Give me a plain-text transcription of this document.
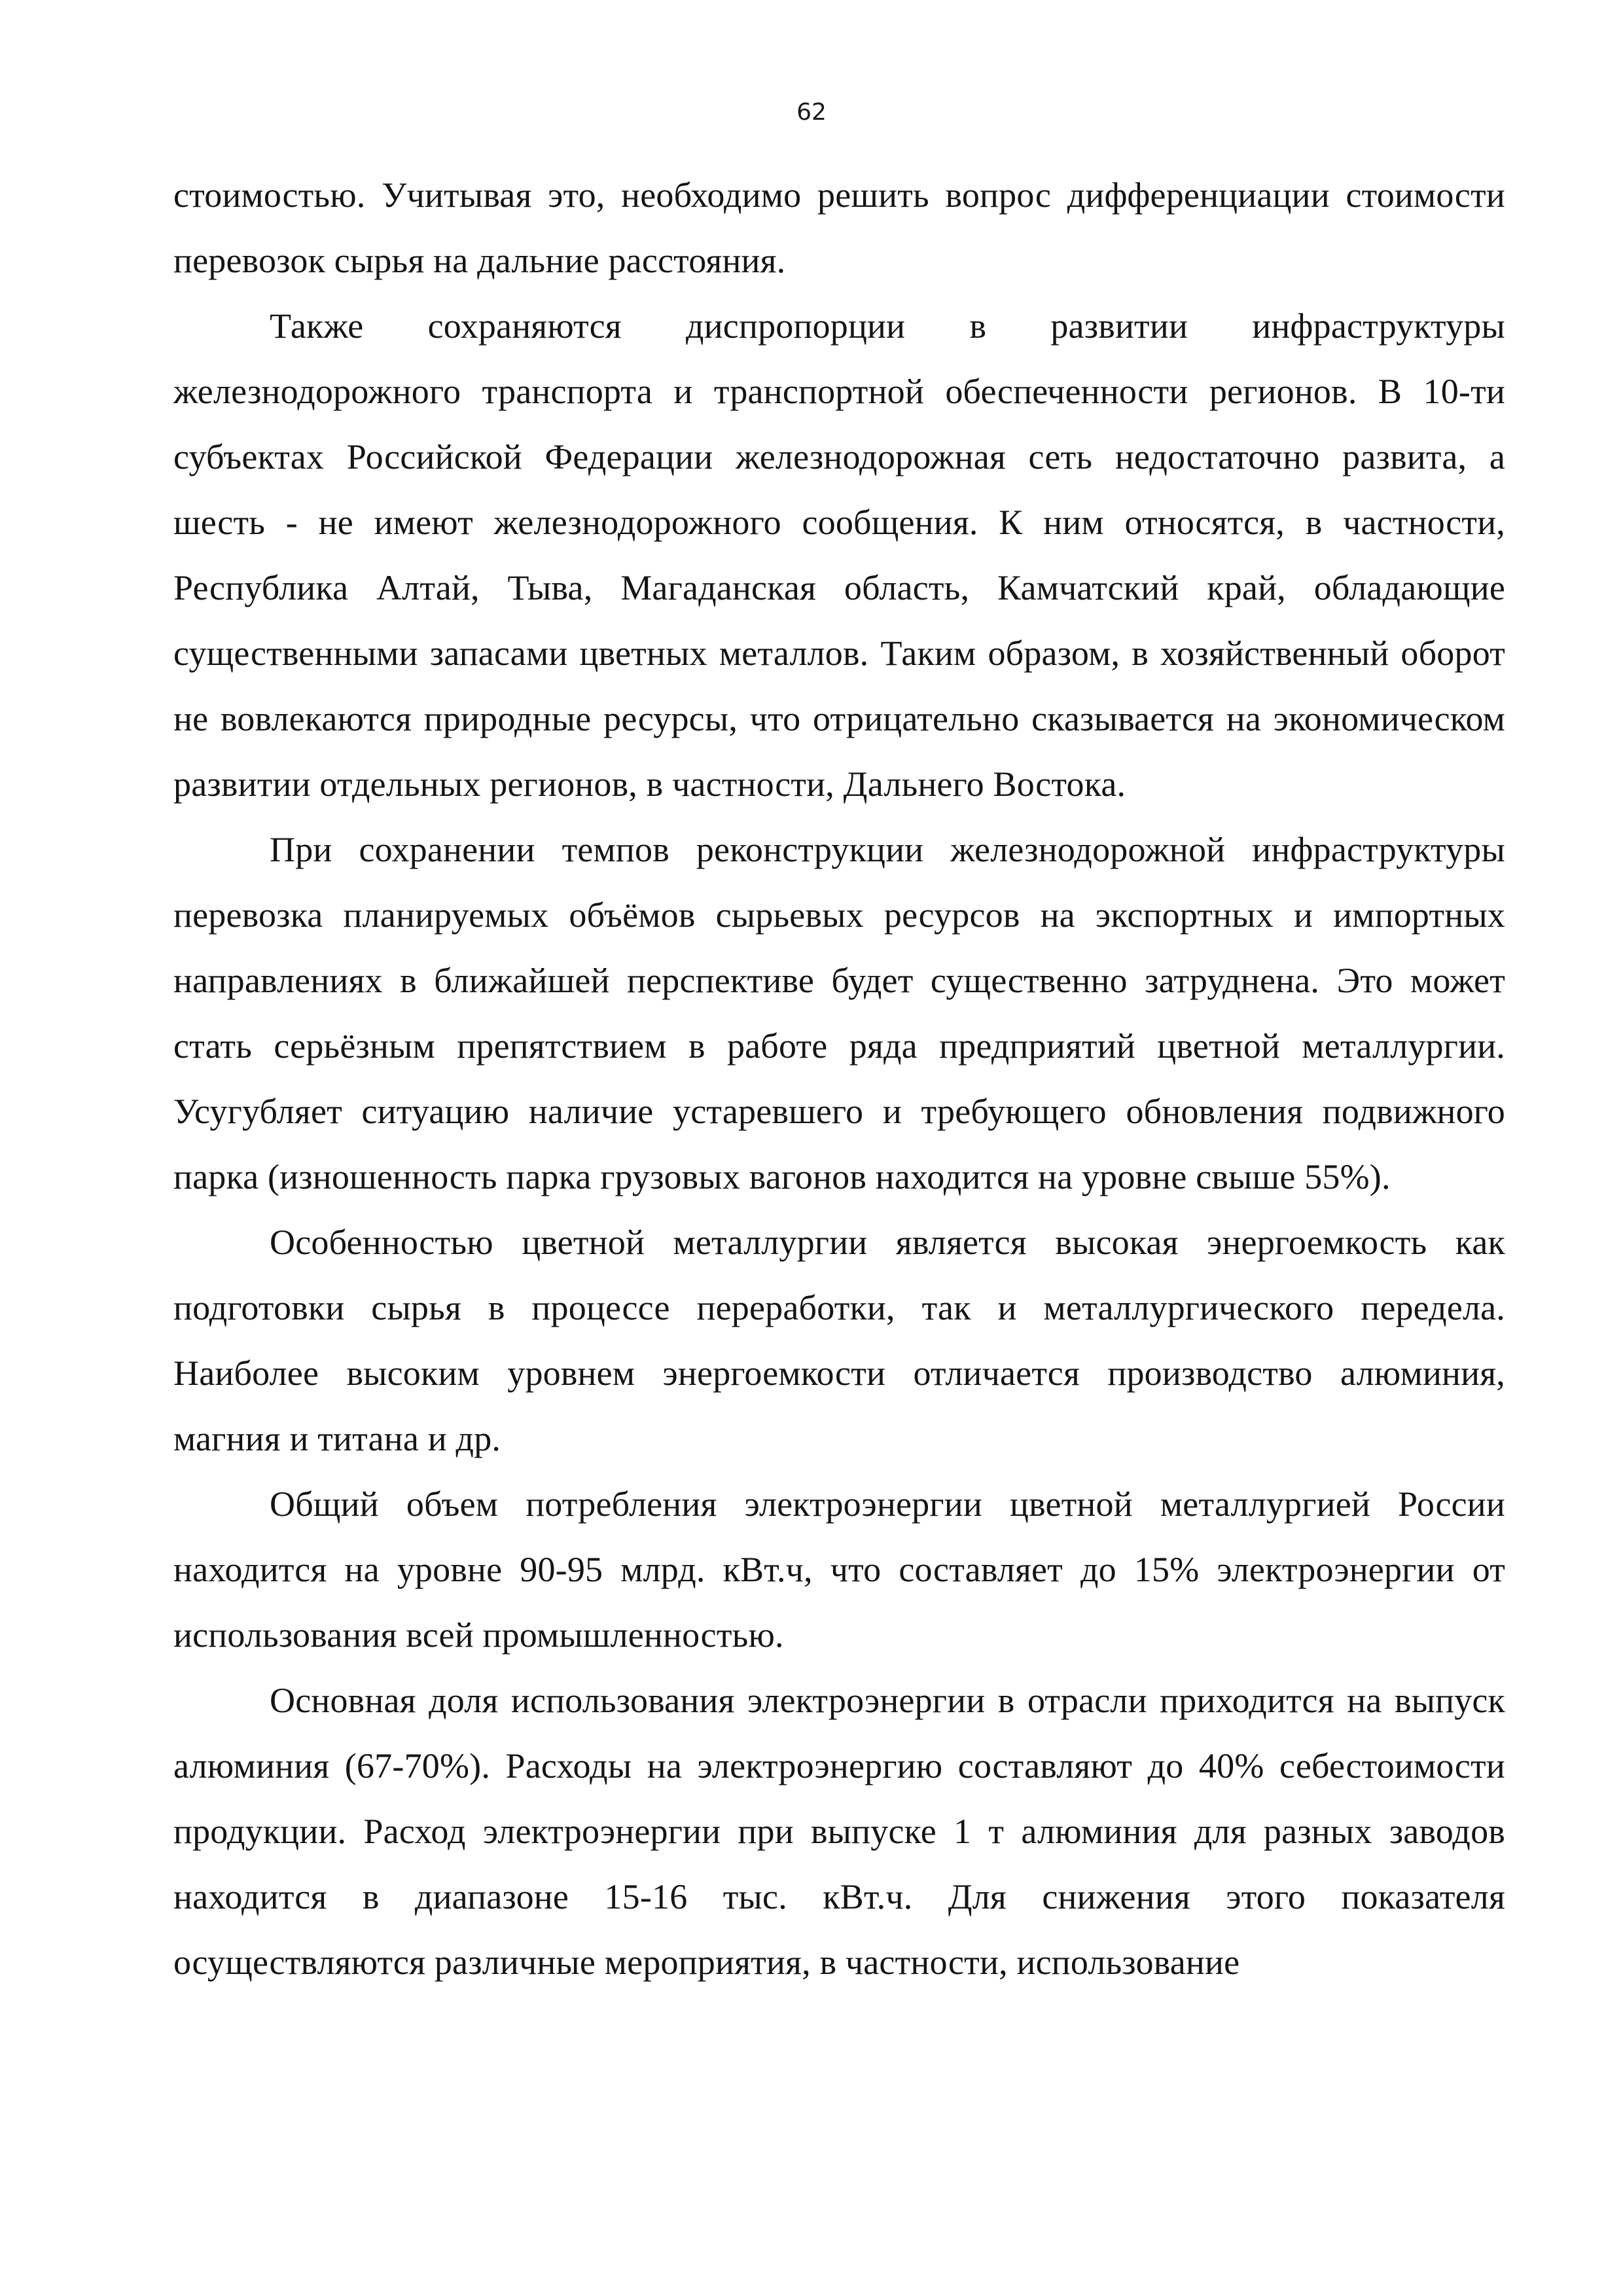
62

стоимостью. Учитывая это, необходимо решить вопрос дифференциации стоимости перевозок сырья на дальние расстояния.

Также сохраняются диспропорции в развитии инфраструктуры железнодорожного транспорта и транспортной обеспеченности регионов. В 10-ти субъектах Российской Федерации железнодорожная сеть недостаточно развита, а шесть - не имеют железнодорожного сообщения. К ним относятся, в частности, Республика Алтай, Тыва, Магаданская область, Камчатский край, обладающие существенными запасами цветных металлов. Таким образом, в хозяйственный оборот не вовлекаются природные ресурсы, что отрицательно сказывается на экономическом развитии отдельных регионов, в частности, Дальнего Востока.

При сохранении темпов реконструкции железнодорожной инфраструктуры перевозка планируемых объёмов сырьевых ресурсов на экспортных и импортных направлениях в ближайшей перспективе будет существенно затруднена. Это может стать серьёзным препятствием в работе ряда предприятий цветной металлургии. Усугубляет ситуацию наличие устаревшего и требующего обновления подвижного парка (изношенность парка грузовых вагонов находится на уровне свыше 55%).

Особенностью цветной металлургии является высокая энергоемкость как подготовки сырья в процессе переработки, так и металлургического передела. Наиболее высоким уровнем энергоемкости отличается производство алюминия, магния и титана и др.

Общий объем потребления электроэнергии цветной металлургией России находится на уровне 90-95 млрд. кВт.ч, что составляет до 15% электроэнергии от использования всей промышленностью.

Основная доля использования электроэнергии в отрасли приходится на выпуск алюминия (67-70%). Расходы на электроэнергию составляют до 40% себестоимости продукции. Расход электроэнергии при выпуске 1 т алюминия для разных заводов находится в диапазоне 15-16 тыс. кВт.ч. Для снижения этого показателя осуществляются различные мероприятия, в частности, использование
